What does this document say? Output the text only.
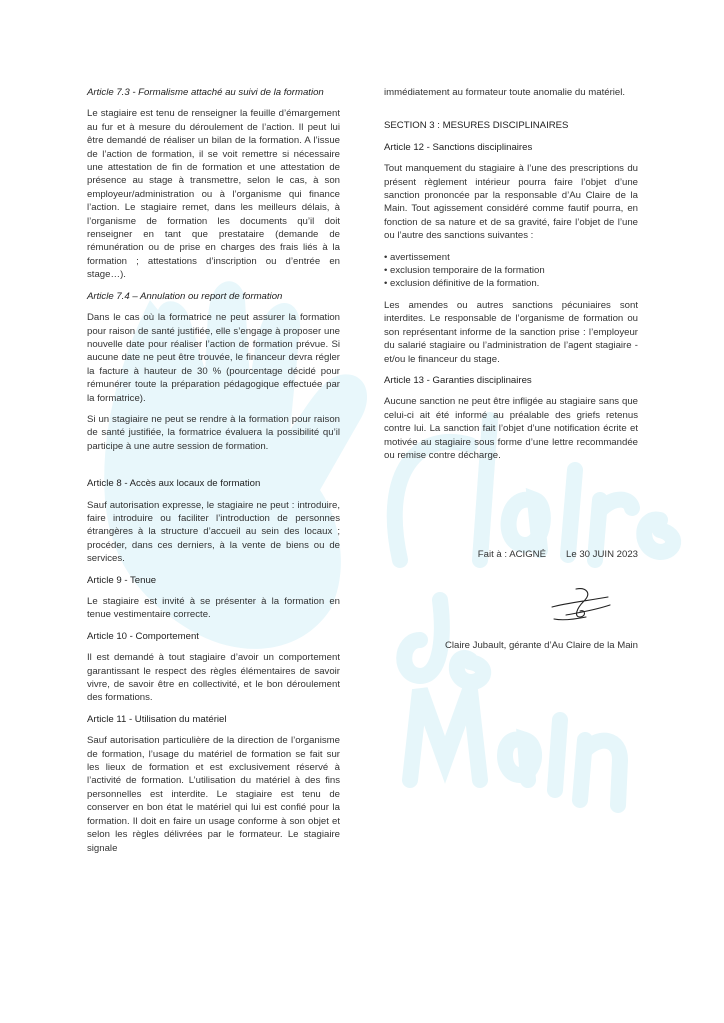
Article 7.3 - Formalisme attaché au suivi de la formation

Le stagiaire est tenu de renseigner la feuille d’émargement au fur et à mesure du déroulement de l’action. Il peut lui être demandé de réaliser un bilan de la formation. A l’issue de l’action de formation, il se voit remettre si nécessaire une attestation de fin de formation et une attestation de présence au stage à transmettre, selon le cas, à son employeur/administration ou à l’organisme qui finance l’action. Le stagiaire remet, dans les meilleurs délais, à l’organisme de formation les documents qu’il doit renseigner en tant que prestataire (demande de rémunération ou de prise en charges des frais liés à la formation ; attestations d’inscription ou d’entrée en stage…).

Article 7.4 – Annulation ou report de formation

Dans le cas où la formatrice ne peut assurer la formation pour raison de santé justifiée, elle s’engage à proposer une nouvelle date pour réaliser l’action de formation prévue. Si aucune date ne peut être trouvée, le financeur devra régler la facture à hauteur de 30 % (pourcentage décidé pour rémunérer toute la préparation pédagogique effectuée par la formatrice).

Si un stagiaire ne peut se rendre à la formation pour raison de santé justifiée, la formatrice évaluera la possibilité qu’il participe à une autre session de formation.

Article 8 - Accès aux locaux de formation

Sauf autorisation expresse, le stagiaire ne peut : introduire, faire introduire ou faciliter l’introduction de personnes étrangères à la structure d’accueil au sein des locaux ; procéder, dans ces derniers, à la vente de biens ou de services.

Article 9 - Tenue

Le stagiaire est invité à se présenter à la formation en tenue vestimentaire correcte.

Article 10 - Comportement

Il est demandé à tout stagiaire d’avoir un comportement garantissant le respect des règles élémentaires de savoir vivre, de savoir être en collectivité, et le bon déroulement des formations.

Article 11 - Utilisation du matériel

Sauf autorisation particulière de la direction de l’organisme de formation, l’usage du matériel de formation se fait sur les lieux de formation et est exclusivement réservé à l’activité de formation. L’utilisation du matériel à des fins personnelles est interdite. Le stagiaire est tenu de conserver en bon état le matériel qui lui est confié pour la formation. Il doit en faire un usage conforme à son objet et selon les règles délivrées par le formateur. Le stagiaire signale

immédiatement au formateur toute anomalie du matériel.

SECTION 3 : MESURES DISCIPLINAIRES
Article 12 - Sanctions disciplinaires

Tout manquement du stagiaire à l’une des prescriptions du présent règlement intérieur pourra faire l’objet d’une sanction prononcée par la responsable d’Au Claire de la Main. Tout agissement considéré comme fautif pourra, en fonction de sa nature et de sa gravité, faire l’objet de l’une ou l’autre des sanctions suivantes :

• avertissement
• exclusion temporaire de la formation
• exclusion définitive de la formation.

Les amendes ou autres sanctions pécuniaires sont interdites. Le responsable de l’organisme de formation ou son représentant informe de la sanction prise : l’employeur du salarié stagiaire ou l’administration de l’agent stagiaire - et/ou le financeur du stage.

Article 13 - Garanties disciplinaires

Aucune sanction ne peut être infligée au stagiaire sans que celui-ci ait été informé au préalable des griefs retenus contre lui. La sanction fait l’objet d’une notification écrite et motivée au stagiaire sous forme d’une lettre recommandée ou remise contre décharge.

Fait à : ACIGNÉ Le 30 JUIN 2023

Claire Jubault, gérante d’Au Claire de la Main
